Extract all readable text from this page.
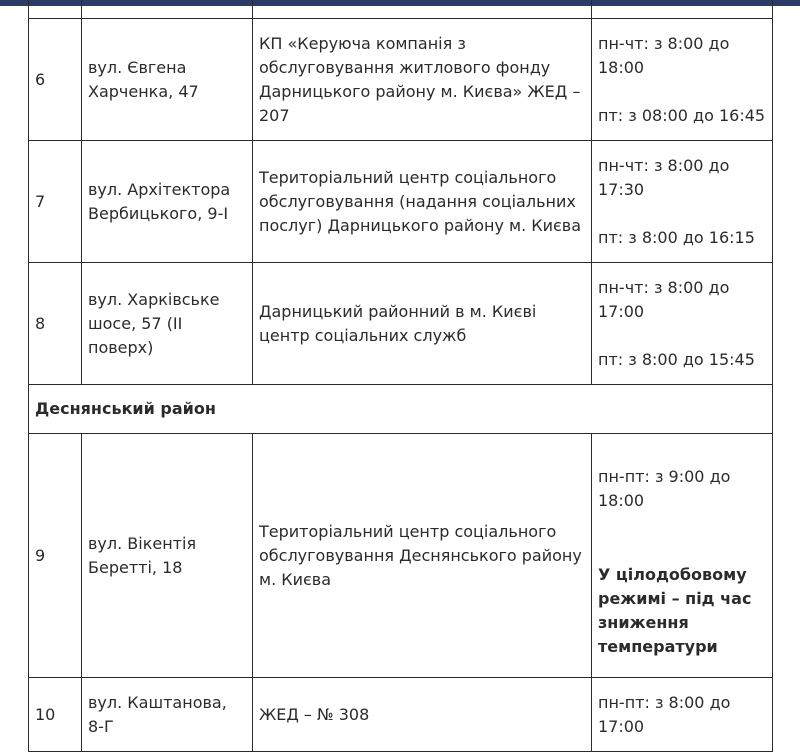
6	вул. Євгена Харченка, 47	КП «Керуюча компанія з обслуговування житлового фонду Дарницького району м. Києва» ЖЕД – 207	пн-чт: з 8:00 до 18:00
пт: з 08:00 до 16:45

7	вул. Архітектора Вербицького, 9-І	Територіальний центр соціального обслуговування (надання соціальних послуг) Дарницького району м. Києва	пн-чт: з 8:00 до 17:30
пт: з 8:00 до 16:15

8	вул. Харківське шосе, 57 (ІІ поверх)	Дарницький районний в м. Києві центр соціальних служб	пн-чт: з 8:00 до 17:00
пт: з 8:00 до 15:45

Деснянський район			
9	вул. Вікентія Беретті, 18	Територіальний центр соціального обслуговування Деснянського району м. Києва	пн-пт: з 9:00 до 18:00
У цілодобовому режимі – під час зниження температури

10	вул. Каштанова, 8-Г	ЖЕД – № 308	пн-пт: з 8:00 до 17:00
